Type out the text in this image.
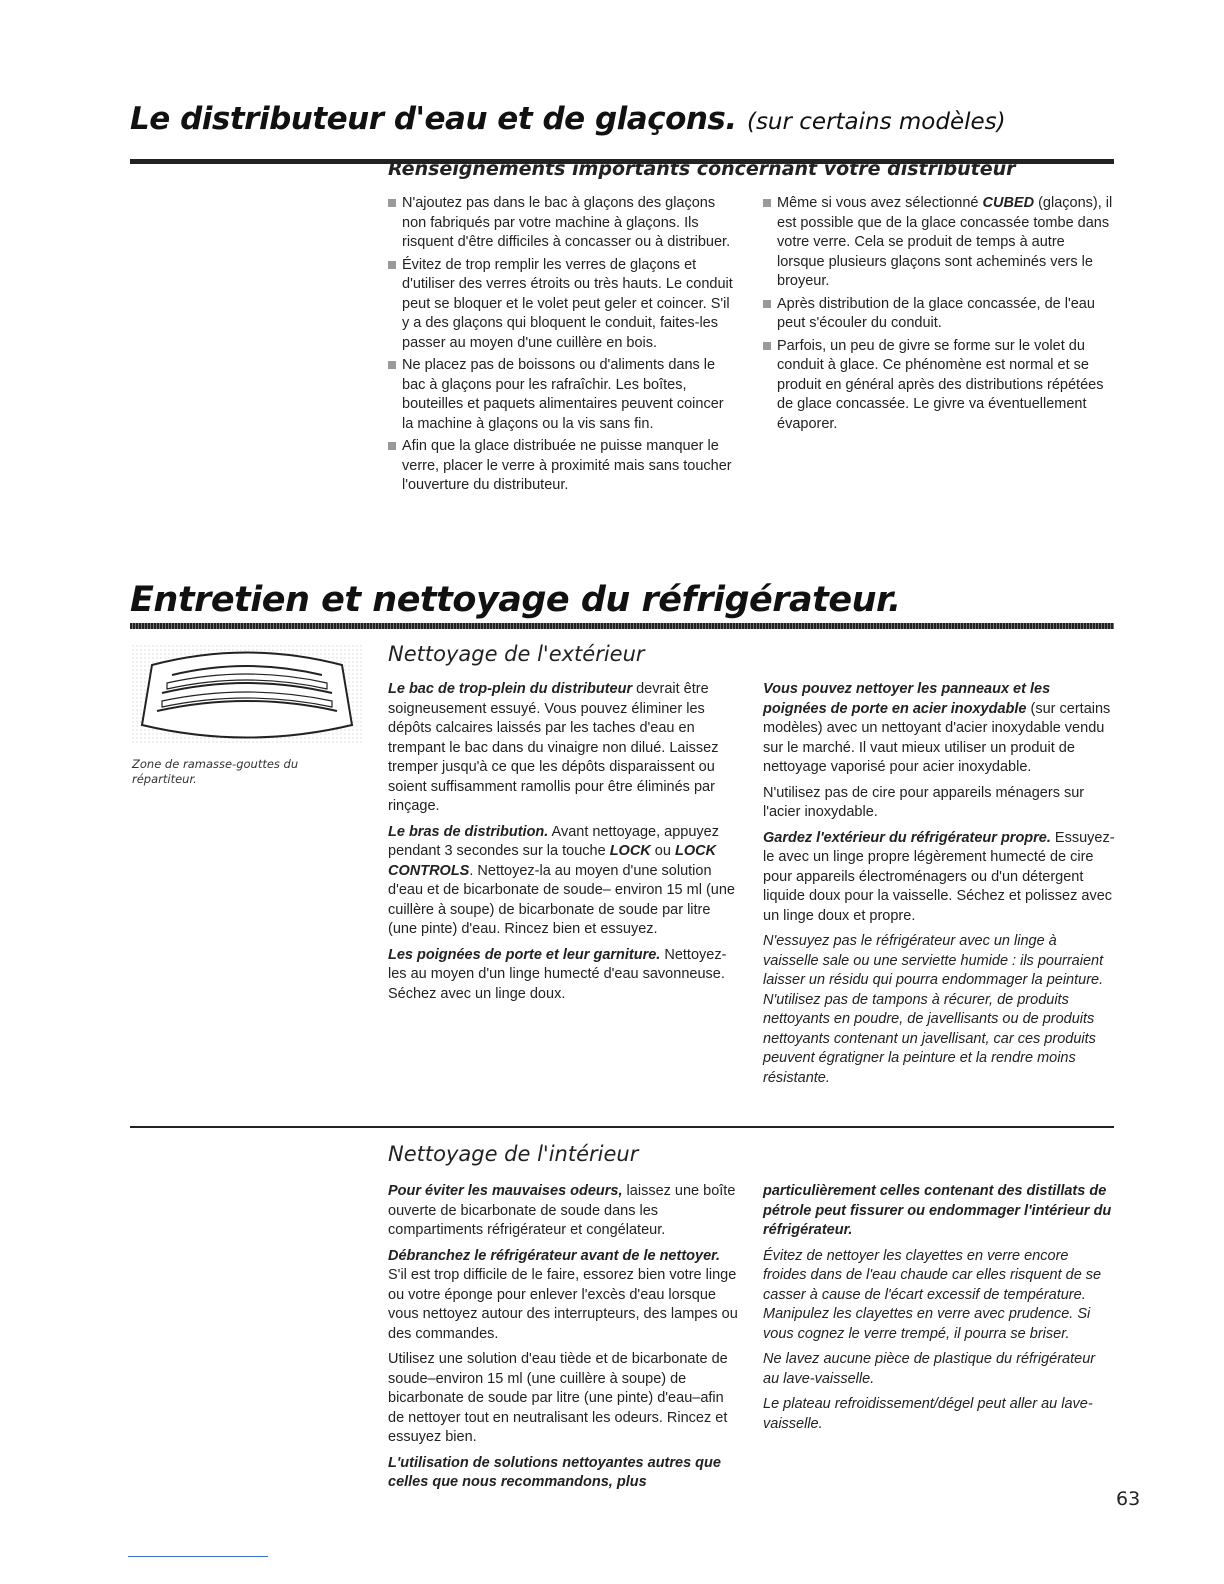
Le distributeur d'eau et de glaçons. (sur certains modèles)
Renseignements importants concernant votre distributeur
N'ajoutez pas dans le bac à glaçons des glaçons non fabriqués par votre machine à glaçons. Ils risquent d'être difficiles à concasser ou à distribuer.
Évitez de trop remplir les verres de glaçons et d'utiliser des verres étroits ou très hauts. Le conduit peut se bloquer et le volet peut geler et coincer. S'il y a des glaçons qui bloquent le conduit, faites-les passer au moyen d'une cuillère en bois.
Ne placez pas de boissons ou d'aliments dans le bac à glaçons pour les rafraîchir. Les boîtes, bouteilles et paquets alimentaires peuvent coincer la machine à glaçons ou la vis sans fin.
Afin que la glace distribuée ne puisse manquer le verre, placer le verre à proximité mais sans toucher l'ouverture du distributeur.
Même si vous avez sélectionné CUBED (glaçons), il est possible que de la glace concassée tombe dans votre verre. Cela se produit de temps à autre lorsque plusieurs glaçons sont acheminés vers le broyeur.
Après distribution de la glace concassée, de l'eau peut s'écouler du conduit.
Parfois, un peu de givre se forme sur le volet du conduit à glace. Ce phénomène est normal et se produit en général après des distributions répétées de glace concassée. Le givre va éventuellement évaporer.
Entretien et nettoyage du réfrigérateur.
Zone de ramasse-gouttes du répartiteur.
Nettoyage de l'extérieur

Le bac de trop-plein du distributeur devrait être soigneusement essuyé. Vous pouvez éliminer les dépôts calcaires laissés par les taches d'eau en trempant le bac dans du vinaigre non dilué. Laissez tremper jusqu'à ce que les dépôts disparaissent ou soient suffisamment ramollis pour être éliminés par rinçage.

Le bras de distribution. Avant nettoyage, appuyez pendant 3 secondes sur la touche LOCK ou LOCK CONTROLS. Nettoyez-la au moyen d'une solution d'eau et de bicarbonate de soude– environ 15 ml (une cuillère à soupe) de bicarbonate de soude par litre (une pinte) d'eau. Rincez bien et essuyez.

Les poignées de porte et leur garniture. Nettoyez-les au moyen d'un linge humecté d'eau savonneuse. Séchez avec un linge doux.

Vous pouvez nettoyer les panneaux et les poignées de porte en acier inoxydable (sur certains modèles) avec un nettoyant d'acier inoxydable vendu sur le marché. Il vaut mieux utiliser un produit de nettoyage vaporisé pour acier inoxydable.

N'utilisez pas de cire pour appareils ménagers sur l'acier inoxydable.

Gardez l'extérieur du réfrigérateur propre. Essuyez-le avec un linge propre légèrement humecté de cire pour appareils électroménagers ou d'un détergent liquide doux pour la vaisselle. Séchez et polissez avec un linge doux et propre.

N'essuyez pas le réfrigérateur avec un linge à vaisselle sale ou une serviette humide : ils pourraient laisser un résidu qui pourra endommager la peinture. N'utilisez pas de tampons à récurer, de produits nettoyants en poudre, de javellisants ou de produits nettoyants contenant un javellisant, car ces produits peuvent égratigner la peinture et la rendre moins résistante.

Nettoyage de l'intérieur

Pour éviter les mauvaises odeurs, laissez une boîte ouverte de bicarbonate de soude dans les compartiments réfrigérateur et congélateur.

Débranchez le réfrigérateur avant de le nettoyer. S'il est trop difficile de le faire, essorez bien votre linge ou votre éponge pour enlever l'excès d'eau lorsque vous nettoyez autour des interrupteurs, des lampes ou des commandes.

Utilisez une solution d'eau tiède et de bicarbonate de soude–environ 15 ml (une cuillère à soupe) de bicarbonate de soude par litre (une pinte) d'eau–afin de nettoyer tout en neutralisant les odeurs. Rincez et essuyez bien.

L'utilisation de solutions nettoyantes autres que celles que nous recommandons, plus

particulièrement celles contenant des distillats de pétrole peut fissurer ou endommager l'intérieur du réfrigérateur.

Évitez de nettoyer les clayettes en verre encore froides dans de l'eau chaude car elles risquent de se casser à cause de l'écart excessif de température. Manipulez les clayettes en verre avec prudence. Si vous cognez le verre trempé, il pourra se briser.

Ne lavez aucune pièce de plastique du réfrigérateur au lave-vaisselle.

Le plateau refroidissement/dégel peut aller au lave-vaisselle.

63
